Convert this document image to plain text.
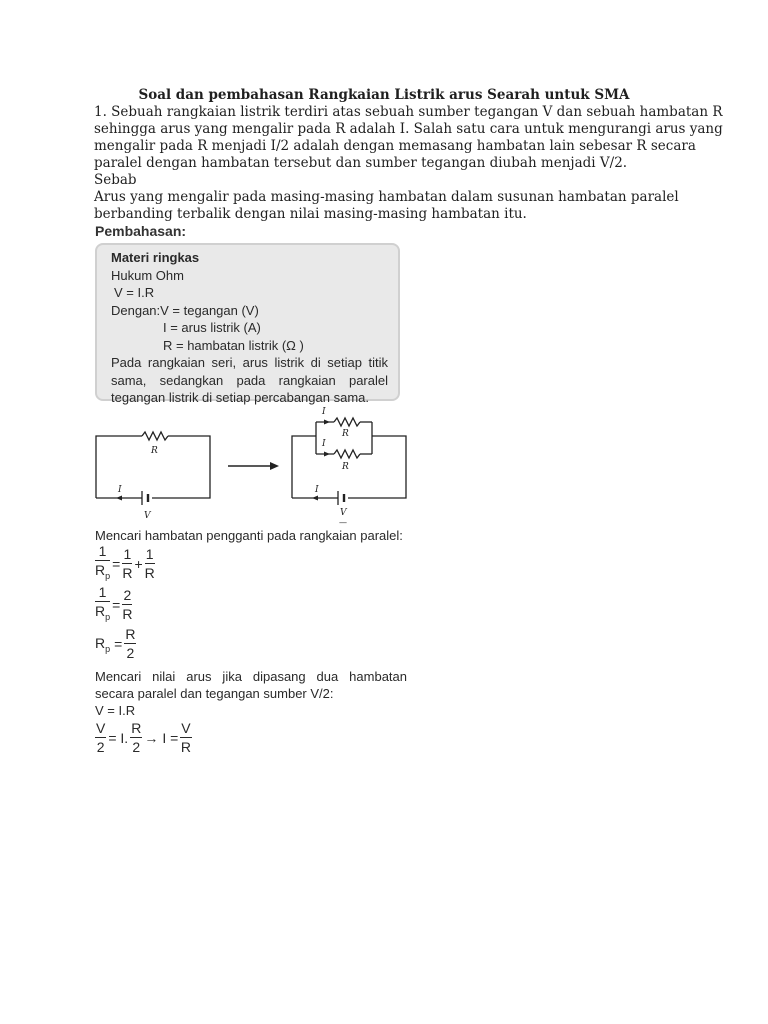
Soal dan pembahasan Rangkaian Listrik arus Searah untuk SMA
1. Sebuah rangkaian listrik terdiri atas sebuah sumber tegangan V dan sebuah hambatan R
sehingga arus yang mengalir pada R adalah I. Salah satu cara untuk mengurangi arus yang
mengalir pada R menjadi I/2 adalah dengan memasang hambatan lain sebesar R secara
paralel dengan hambatan tersebut dan sumber tegangan diubah menjadi V/2.
Sebab
Arus yang mengalir pada masing-masing hambatan dalam susunan hambatan paralel
berbanding terbalik dengan nilai masing-masing hambatan itu.
Pembahasan:
Materi ringkas
Hukum Ohm
V = I.R
Dengan:V = tegangan (V)
I = arus listrik (A)
R = hambatan listrik (Ω )
Pada rangkaian seri, arus listrik di setiap titik
sama, sedangkan pada rangkaian paralel
tegangan listrik di setiap percabangan sama.
R
I
V
I
R
I
R
I
V
—
Mencari hambatan pengganti pada rangkaian paralel:
$\frac{1}{R_p} = \frac{1}{R} + \frac{1}{R}$
$\frac{1}{R_p} = \frac{2}{R}$
$R_p = \frac{R}{2}$
Mencari nilai arus jika dipasang dua hambatan
secara paralel dan tegangan sumber V/2:
V = I.R
$\frac{V}{2} = I$. $\frac{R}{2} \to I = \frac{V}{R}$
